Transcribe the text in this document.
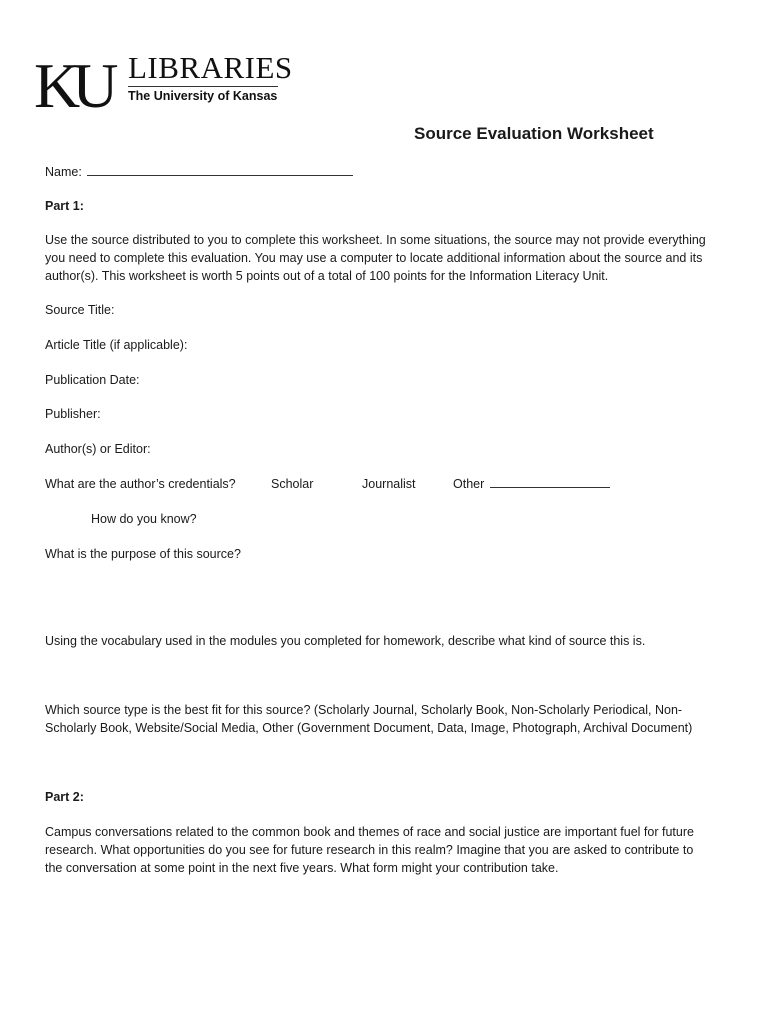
KU LIBRARIES
The University of Kansas
Source Evaluation Worksheet
Name:
Part 1:
Use the source distributed to you to complete this worksheet. In some situations, the source may not provide everything
you need to complete this evaluation. You may use a computer to locate additional information about the source and its
author(s). This worksheet is worth 5 points out of a total of 100 points for the Information Literacy Unit.
Source Title:
Article Title (if applicable):
Publication Date:
Publisher:
Author(s) or Editor:
What are the author’s credentials?	Scholar	Journalist	Other
How do you know?
What is the purpose of this source?
Using the vocabulary used in the modules you completed for homework, describe what kind of source this is.
Which source type is the best fit for this source? (Scholarly Journal, Scholarly Book, Non-Scholarly Periodical, Non-
Scholarly Book, Website/Social Media, Other (Government Document, Data, Image, Photograph, Archival Document)
Part 2:
Campus conversations related to the common book and themes of race and social justice are important fuel for future
research. What opportunities do you see for future research in this realm? Imagine that you are asked to contribute to
the conversation at some point in the next five years. What form might your contribution take.
